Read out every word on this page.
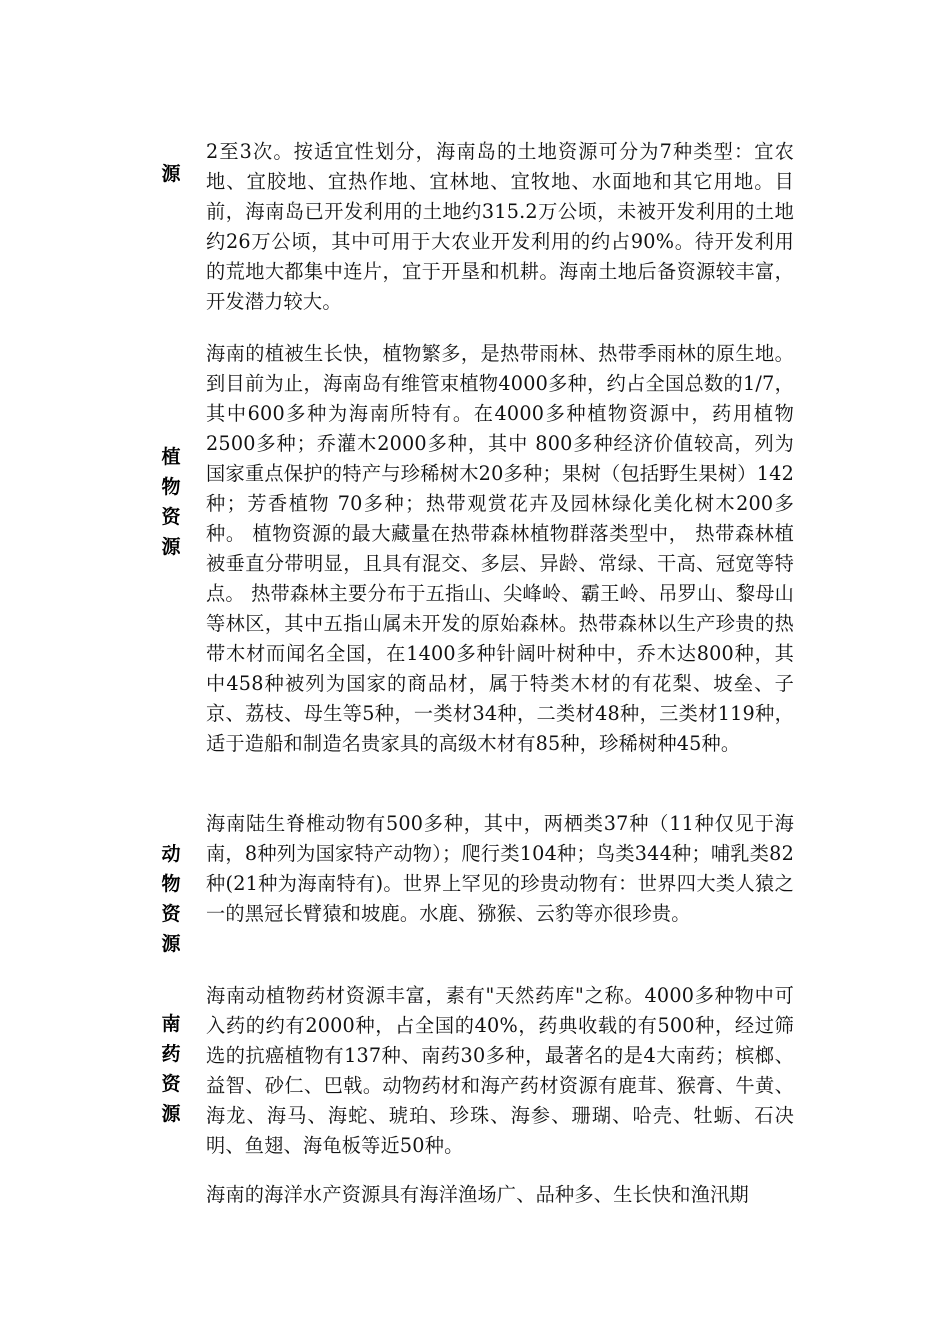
源
2至3次。按适宜性划分，海南岛的土地资源可分为7种类型：宜农地、宜胶地、宜热作地、宜林地、宜牧地、水面地和其它用地。目前，海南岛已开发利用的土地约315.2万公顷，未被开发利用的土地约26万公顷，其中可用于大农业开发利用的约占90%。待开发利用的荒地大都集中连片，宜于开垦和机耕。海南土地后备资源较丰富，开发潜力较大。
植
物
资
源
海南的植被生长快，植物繁多，是热带雨林、热带季雨林的原生地。到目前为止，海南岛有维管束植物4000多种，约占全国总数的1/7，其中600多种为海南所特有。在4000多种植物资源中，药用植物2500多种；乔灌木2000多种，其中 800多种经济价值较高，列为国家重点保护的特产与珍稀树木20多种；果树（包括野生果树）142种；芳香植物 70多种；热带观赏花卉及园林绿化美化树木200多种。 植物资源的最大藏量在热带森林植物群落类型中， 热带森林植被垂直分带明显，且具有混交、多层、异龄、常绿、干高、冠宽等特点。 热带森林主要分布于五指山、尖峰岭、霸王岭、吊罗山、黎母山等林区，其中五指山属未开发的原始森林。热带森林以生产珍贵的热带木材而闻名全国，在1400多种针阔叶树种中，乔木达800种，其中458种被列为国家的商品材，属于特类木材的有花梨、坡垒、子京、荔枝、母生等5种，一类材34种，二类材48种，三类材119种，适于造船和制造名贵家具的高级木材有85种，珍稀树种45种。
动
物
资
源
海南陆生脊椎动物有500多种，其中，两栖类37种（11种仅见于海南，8种列为国家特产动物）；爬行类104种；鸟类344种；哺乳类82种(21种为海南特有)。世界上罕见的珍贵动物有：世界四大类人猿之一的黑冠长臂猿和坡鹿。水鹿、猕猴、云豹等亦很珍贵。
南
药
资
源
海南动植物药材资源丰富，素有"天然药库"之称。4000多种物中可入药的约有2000种，占全国的40%，药典收载的有500种，经过筛选的抗癌植物有137种、南药30多种，最著名的是4大南药；槟榔、益智、砂仁、巴戟。动物药材和海产药材资源有鹿茸、猴膏、牛黄、海龙、海马、海蛇、琥珀、珍珠、海参、珊瑚、哈壳、牡蛎、石决明、鱼翅、海龟板等近50种。
海南的海洋水产资源具有海洋渔场广、品种多、生长快和渔汛期
